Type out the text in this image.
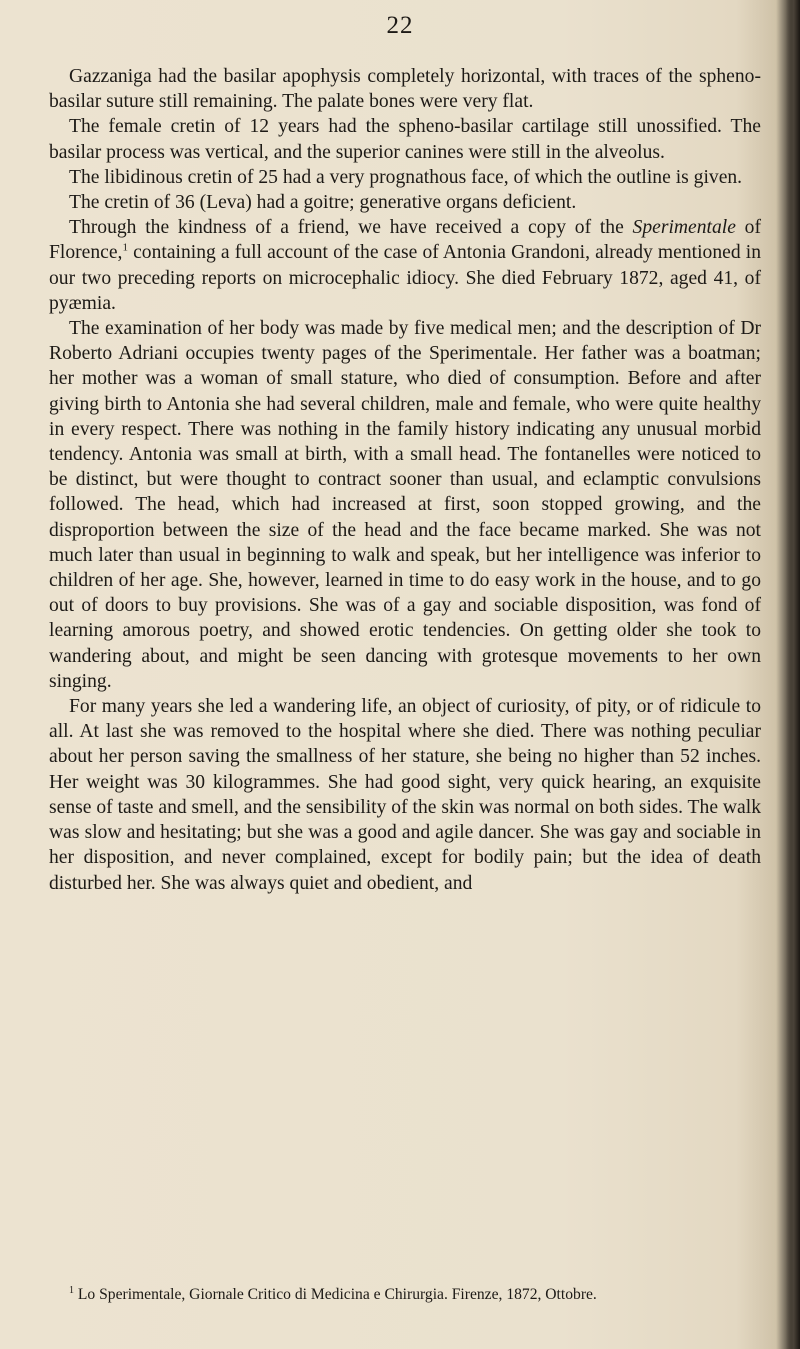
22

Gazzaniga had the basilar apophysis completely horizontal, with traces of the spheno-basilar suture still remaining. The palate bones were very flat.

The female cretin of 12 years had the spheno-basilar cartilage still unossified. The basilar process was vertical, and the superior canines were still in the alveolus.

The libidinous cretin of 25 had a very prognathous face, of which the outline is given.

The cretin of 36 (Leva) had a goitre; generative organs deficient.

Through the kindness of a friend, we have received a copy of the Sperimentale of Florence,$^1$ containing a full account of the case of Antonia Grandoni, already mentioned in our two preceding reports on microcephalic idiocy. She died February 1872, aged 41, of pyæmia.

The examination of her body was made by five medical men; and the description of Dr Roberto Adriani occupies twenty pages of the Sperimentale. Her father was a boatman; her mother was a woman of small stature, who died of consumption. Before and after giving birth to Antonia she had several children, male and female, who were quite healthy in every respect. There was nothing in the family history indicating any unusual morbid tendency. Antonia was small at birth, with a small head. The fontanelles were noticed to be distinct, but were thought to contract sooner than usual, and eclamptic convulsions followed. The head, which had increased at first, soon stopped growing, and the disproportion between the size of the head and the face became marked. She was not much later than usual in beginning to walk and speak, but her intelligence was inferior to children of her age. She, however, learned in time to do easy work in the house, and to go out of doors to buy provisions. She was of a gay and sociable disposition, was fond of learning amorous poetry, and showed erotic tendencies. On getting older she took to wandering about, and might be seen dancing with grotesque movements to her own singing.

For many years she led a wandering life, an object of curiosity, of pity, or of ridicule to all. At last she was removed to the hospital where she died. There was nothing peculiar about her person saving the smallness of her stature, she being no higher than 52 inches. Her weight was 30 kilogrammes. She had good sight, very quick hearing, an exquisite sense of taste and smell, and the sensibility of the skin was normal on both sides. The walk was slow and hesitating; but she was a good and agile dancer. She was gay and sociable in her disposition, and never complained, except for bodily pain; but the idea of death disturbed her. She was always quiet and obedient, and

$^1$ Lo Sperimentale, Giornale Critico di Medicina e Chirurgia. Firenze, 1872, Ottobre.
